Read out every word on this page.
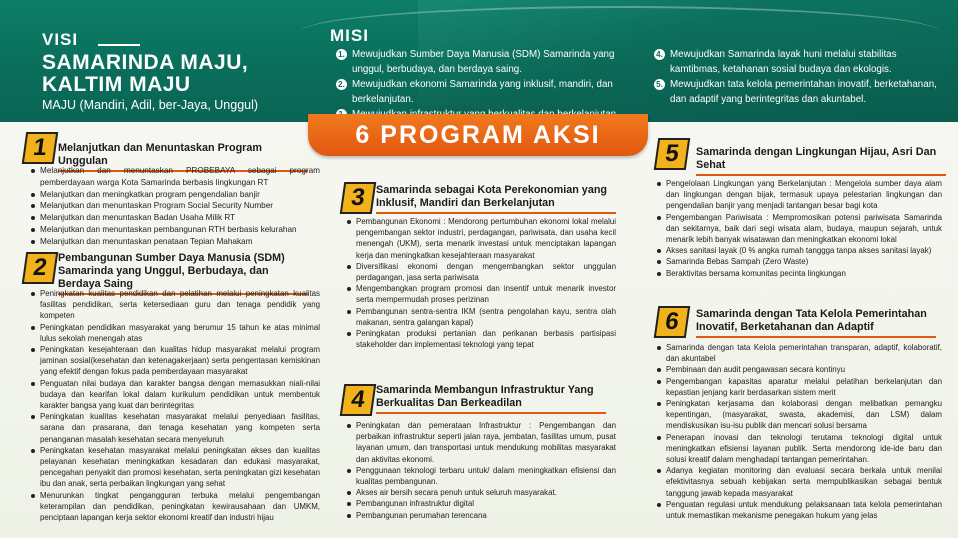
VISI
SAMARINDA MAJU, KALTIM MAJU
MAJU (Mandiri, Adil, ber-Jaya, Unggul)
MISI
1. Mewujudkan Sumber Daya Manusia (SDM) Samarinda yang unggul, berbudaya, dan berdaya saing.
2. Mewujudkan ekonomi Samarinda yang inklusif, mandiri, dan berkelanjutan.
4. Mewujudkan Samarinda layak huni melalui stabilitas kamtibmas, ketahanan sosial budaya dan ekologis.
5. Mewujudkan tata kelola pemerintahan inovatif, berketahanan, dan adaptif yang berintegritas dan akuntabel.
6 PROGRAM AKSI
1 Melanjutkan dan Menuntaskan Program Unggulan
Melanjutkan dan menuntaskan PROBEBAYA sebagai program pemberdayaan warga Kota Samarinda berbasis lingkungan RT
Melanjutkan dan meningkatkan program pengendalian banjir
Melanjutkan dan menuntaskan Program Social Security Number
Melanjutkan dan menuntaskan Badan Usaha Milik RT
Melanjutkan dan menuntaskan pembangunan RTH berbasis kelurahan
Melanjutkan dan menuntaskan penataan Tepian Mahakam
2 Pembangunan Sumber Daya Manusia (SDM) Samarinda yang Unggul, Berbudaya, dan Berdaya Saing
Peningkatan kualitas pendidikan dan pelatihan melalui peningkatan kualitas fasilitas pendidikan, serta ketersediaan guru dan tenaga pendidik yang kompeten
Peningkatan pendidikan masyarakat yang berumur 15 tahun ke atas minimal lulus sekolah menengah atas
Peningkatan kesejahteraan dan kualitas hidup masyarakat melalui program jaminan sosial(kesehatan dan ketenagakerjaan) serta pengentasan kemiskinan yang efektif dengan fokus pada pemberdayaan masyarakat
Penguatan nilai budaya dan karakter bangsa dengan memasukkan niali-nilai budaya dan kearifan lokal dalam kurikulum pendidikan untuk membentuk karakter bangsa yang kuat dan berintegritas
Peningkatan kualitas kesehatan masyarakat melalui penyediaan fasilitas, sarana dan prasarana, dan tenaga kesehatan yang kompeten serta penanganan masalah kesehatan secara menyeluruh
Peningkatan kesehatan masyarakat melalui peningkatan akses dan kualitas pelayanan kesehatan meningkatkan kesadaran dan edukasi masyarakat, pencegahan penyakit dan promosi kesehatan, serta peningkatan gizi kesehatan ibu dan anak, serta perbaikan lingkungan yang sehat
Menurunkan tingkat pengangguran terbuka melalui pengembangan keterampilan dan pendidikan, peningkatan kewirausahaan dan UMKM, penciptaan lapangan kerja sektor ekonomi kreatif dan industri hijau
3 Samarinda sebagai Kota Perekonomian yang Inklusif, Mandiri dan Berkelanjutan
Pembangunan Ekonomi : Mendorong pertumbuhan ekonomi lokal melalui pengembangan sektor industri, perdagangan, pariwisata, dan usaha kecil menengah (UKM), serta menarik investasi untuk menciptakan lapangan kerja dan meningkatkan kesejahteraan masyarakat
Diversifikasi ekonomi dengan mengembangkan sektor unggulan perdagangan, jasa serta pariwisata
Mengembangkan program promosi dan insentif untuk menarik investor serta mempermudah proses perizinan
Pembangunan sentra-sentra IKM (sentra pengolahan kayu, sentra olah makanan, sentra galangan kapal)
Peningkatan produksi pertanian dan perikanan berbasis partisipasi stakeholder dan implementasi teknologi yang tepat
4 Samarinda Membangun Infrastruktur Yang Berkualitas Dan Berkeadilan
Peningkatan dan pemerataan Infrastruktur : Pengembangan dan perbaikan infrastruktur seperti jalan raya, jembatan, fasilitas umum, pusat layanan umum, dan transportasi untuk mendukung mobilitas masyarakat dan aktivitas ekonomi.
Penggunaan teknologi terbaru untuk/ dalam meningkatkan efisiensi dan kualitas pembangunan.
Akses air bersih secara penuh untuk seluruh masyarakat.
Pembangunan infrastruktur digital
Pembangunan perumahan terencana
5	Samarinda dengan Lingkungan Hijau, Asri Dan Sehat
Pengelolaan Lingkungan yang Berkelanjutan : Mengelola sumber daya alam dan lingkungan dengan bijak, termasuk upaya pelestarian lingkungan dan pengendalian banjir yang menjadi tantangan besar bagi kota
Pengembangan Pariwisata : Mempromosikan potensi pariwisata Samarinda dan sekitarnya, baik dari segi wisata alam, budaya, maupun sejarah, untuk menarik lebih banyak wisatawan dan meningkatkan ekonomi lokal
Akses sanitasi layak (0 % angka rumah tanggga tanpa akses sanitasi layak)
Samarinda Bebas Sampah (Zero Waste)
Beraktivitas bersama komunitas pecinta lingkungan
6	Samarinda dengan Tata Kelola Pemerintahan Inovatif, Berketahanan dan Adaptif
Samarinda dengan tata Kelola pemerintahan transparan, adaptif, kolaboratif, dan akuntabel
Pembinaan dan audit pengawasan secara kontinyu
Pengembangan kapasitas aparatur melalui pelatihan berkelanjutan dan kepastian jenjang karir berdasarkan sistem merit
Peningkatan kerjasama dan kolaborasi dengan melibatkan pemangku kepentingan, (masyarakat, swasta, akademisi, dan LSM) dalam mendiskusikan isu-isu publik dan mencari solusi bersama
Penerapan inovasi dan teknologi terutama teknologi digital untuk meningkatkan efisiensi layanan publik. Serta mendorong ide-ide baru dan solusi kreatif dalam menghadapi tantangan pemerintahan.
Adanya kegiatan monitoring dan evaluasi secara berkala untuk menilai efektivitasnya sebuah kebijakan serta mempublikasikan sebagai bentuk tanggung jawab kepada masyarakat
Penguatan regulasi untuk mendukung pelaksanaan tata kelola pemerintahan untuk memastikan mekanisme penegakan hukum yang jelas
